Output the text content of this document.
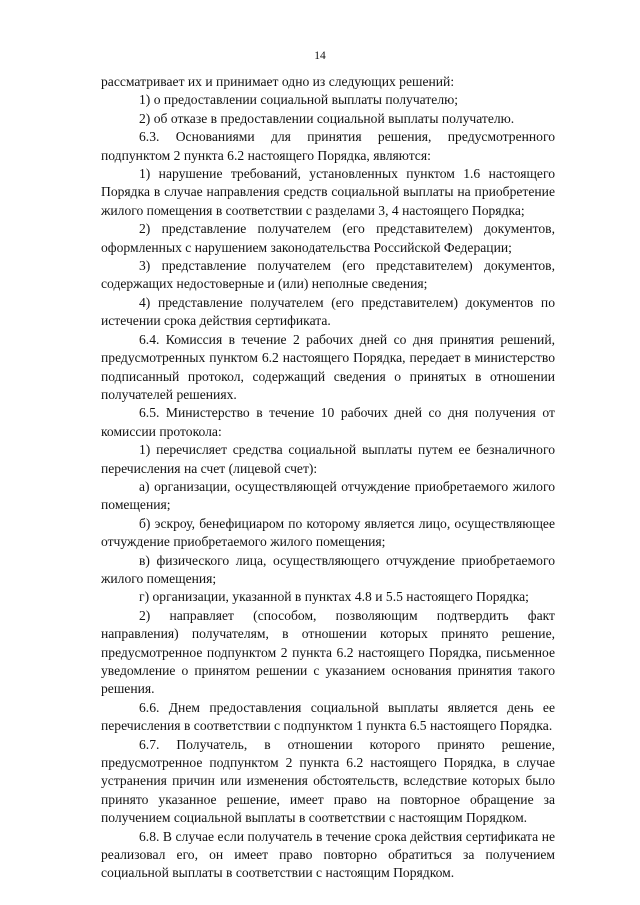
14

рассматривает их и принимает одно из следующих решений:

1) о предоставлении социальной выплаты получателю;

2) об отказе в предоставлении социальной выплаты получателю.

6.3. Основаниями для принятия решения, предусмотренного подпунктом 2 пункта 6.2 настоящего Порядка, являются:

1) нарушение требований, установленных пунктом 1.6 настоящего Порядка в случае направления средств социальной выплаты на приобретение жилого помещения в соответствии с разделами 3, 4 настоящего Порядка;

2) представление получателем (его представителем) документов, оформленных с нарушением законодательства Российской Федерации;

3) представление получателем (его представителем) документов, содержащих недостоверные и (или) неполные сведения;

4) представление получателем (его представителем) документов по истечении срока действия сертификата.

6.4. Комиссия в течение 2 рабочих дней со дня принятия решений, предусмотренных пунктом 6.2 настоящего Порядка, передает в министерство подписанный протокол, содержащий сведения о принятых в отношении получателей решениях.

6.5. Министерство в течение 10 рабочих дней со дня получения от комиссии протокола:

1) перечисляет средства социальной выплаты путем ее безналичного перечисления на счет (лицевой счет):

а) организации, осуществляющей отчуждение приобретаемого жилого помещения;

б) эскроу, бенефициаром по которому является лицо, осуществляющее отчуждение приобретаемого жилого помещения;

в) физического лица, осуществляющего отчуждение приобретаемого жилого помещения;

г) организации, указанной в пунктах 4.8 и 5.5 настоящего Порядка;

2) направляет (способом, позволяющим подтвердить факт направления) получателям, в отношении которых принято решение, предусмотренное подпунктом 2 пункта 6.2 настоящего Порядка, письменное уведомление о принятом решении с указанием основания принятия такого решения.

6.6. Днем предоставления социальной выплаты является день ее перечисления в соответствии с подпунктом 1 пункта 6.5 настоящего Порядка.

6.7. Получатель, в отношении которого принято решение, предусмотренное подпунктом 2 пункта 6.2 настоящего Порядка, в случае устранения причин или изменения обстоятельств, вследствие которых было принято указанное решение, имеет право на повторное обращение за получением социальной выплаты в соответствии с настоящим Порядком.

6.8. В случае если получатель в течение срока действия сертификата не реализовал его, он имеет право повторно обратиться за получением социальной выплаты в соответствии с настоящим Порядком.
